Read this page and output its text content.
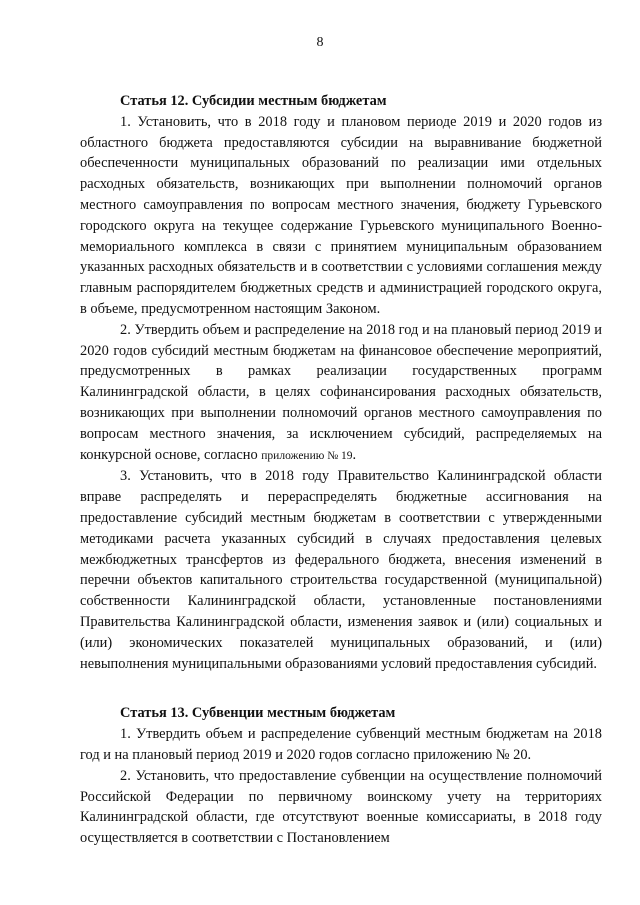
8

Статья 12. Субсидии местным бюджетам

1. Установить, что в 2018 году и плановом периоде 2019 и 2020 годов из областного бюджета предоставляются субсидии на выравнивание бюджетной обеспеченности муниципальных образований по реализации ими отдельных расходных обязательств, возникающих при выполнении полномочий органов местного самоуправления по вопросам местного значения, бюджету Гурьевского городского округа на текущее содержание Гурьевского муниципального Военно-мемориального комплекса в связи с принятием муниципальным образованием указанных расходных обязательств и в соответствии с условиями соглашения между главным распорядителем бюджетных средств и администрацией городского округа, в объеме, предусмотренном настоящим Законом.

2. Утвердить объем и распределение на 2018 год и на плановый период 2019 и 2020 годов субсидий местным бюджетам на финансовое обеспечение мероприятий, предусмотренных в рамках реализации государственных программ Калининградской области, в целях софинансирования расходных обязательств, возникающих при выполнении полномочий органов местного самоуправления по вопросам местного значения, за исключением субсидий, распределяемых на конкурсной основе, согласно приложению № 19.

3. Установить, что в 2018 году Правительство Калининградской области вправе распределять и перераспределять бюджетные ассигнования на предоставление субсидий местным бюджетам в соответствии с утвержденными методиками расчета указанных субсидий в случаях предоставления целевых межбюджетных трансфертов из федерального бюджета, внесения изменений в перечни объектов капитального строительства государственной (муниципальной) собственности Калининградской области, установленные постановлениями Правительства Калининградской области, изменения заявок и (или) социальных и (или) экономических показателей муниципальных образований, и (или) невыполнения муниципальными образованиями условий предоставления субсидий.

Статья 13. Субвенции местным бюджетам

1. Утвердить объем и распределение субвенций местным бюджетам на 2018 год и на плановый период 2019 и 2020 годов согласно приложению № 20.

2. Установить, что предоставление субвенции на осуществление полномочий Российской Федерации по первичному воинскому учету на территориях Калининградской области, где отсутствуют военные комиссариаты, в 2018 году осуществляется в соответствии с Постановлением
